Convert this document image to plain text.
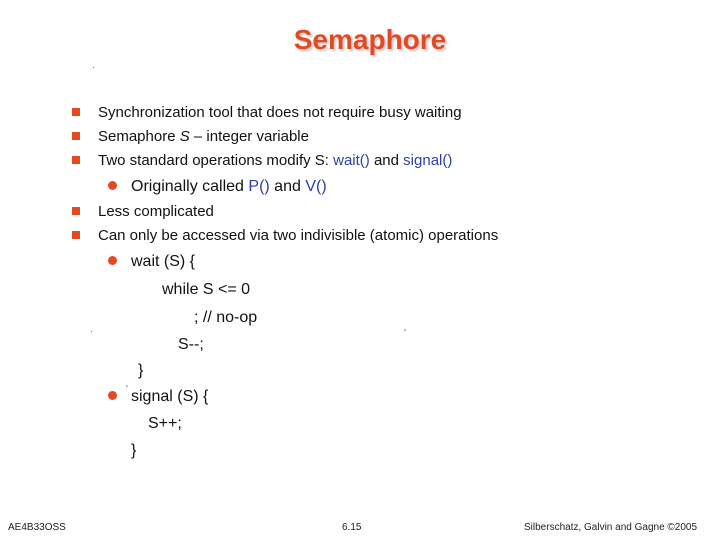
Semaphore
·
Synchronization tool that does not require busy waiting
Semaphore S – integer variable
Two standard operations modify S: wait() and signal()
Originally called P() and V()
Less complicated
Can only be accessed via two indivisible (atomic) operations
wait (S) {
while S <= 0
; // no-op
S--;
}
·	′
signal (S) {
′
S++;
}
AE4B33OSS	6.15	Silberschatz, Galvin and Gagne ©2005
